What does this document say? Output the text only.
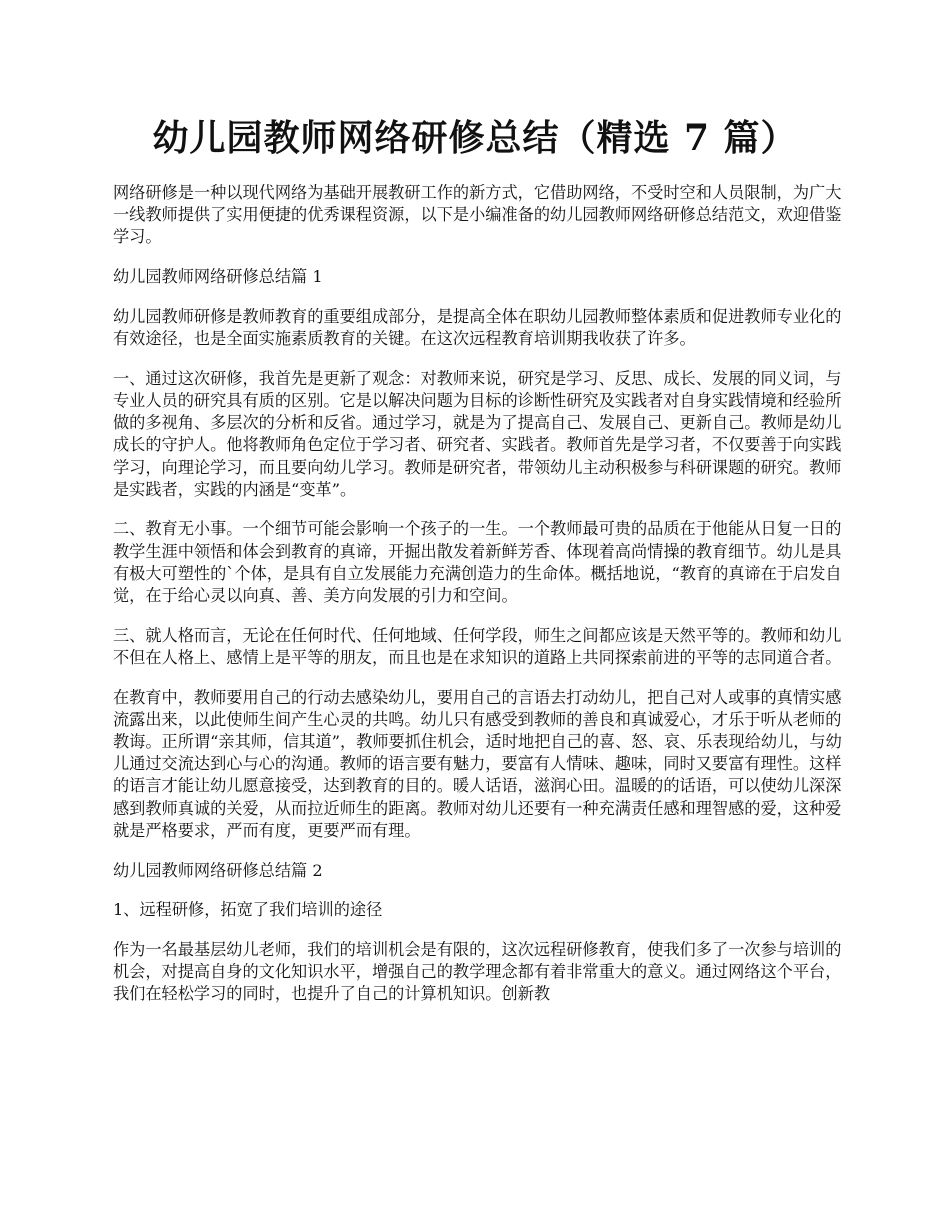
幼儿园教师网络研修总结（精选 7 篇）

网络研修是一种以现代网络为基础开展教研工作的新方式，它借助网络，不受时空和人员限制，为广大一线教师提供了实用便捷的优秀课程资源，以下是小编准备的幼儿园教师网络研修总结范文，欢迎借鉴学习。

幼儿园教师网络研修总结篇 1

幼儿园教师研修是教师教育的重要组成部分，是提高全体在职幼儿园教师整体素质和促进教师专业化的有效途径，也是全面实施素质教育的关键。在这次远程教育培训期我收获了许多。

一、通过这次研修，我首先是更新了观念：对教师来说，研究是学习、反思、成长、发展的同义词，与专业人员的研究具有质的区别。它是以解决问题为目标的诊断性研究及实践者对自身实践情境和经验所做的多视角、多层次的分析和反省。通过学习，就是为了提高自己、发展自己、更新自己。教师是幼儿成长的守护人。他将教师角色定位于学习者、研究者、实践者。教师首先是学习者，不仅要善于向实践学习，向理论学习，而且要向幼儿学习。教师是研究者，带领幼儿主动积极参与科研课题的研究。教师是实践者，实践的内涵是“变革”。

二、教育无小事。一个细节可能会影响一个孩子的一生。一个教师最可贵的品质在于他能从日复一日的教学生涯中领悟和体会到教育的真谛，开掘出散发着新鲜芳香、体现着高尚情操的教育细节。幼儿是具有极大可塑性的`个体，是具有自立发展能力充满创造力的生命体。概括地说，“教育的真谛在于启发自觉，在于给心灵以向真、善、美方向发展的引力和空间。

三、就人格而言，无论在任何时代、任何地域、任何学段，师生之间都应该是天然平等的。教师和幼儿不但在人格上、感情上是平等的朋友，而且也是在求知识的道路上共同探索前进的平等的志同道合者。

在教育中，教师要用自己的行动去感染幼儿，要用自己的言语去打动幼儿，把自己对人或事的真情实感流露出来，以此使师生间产生心灵的共鸣。幼儿只有感受到教师的善良和真诚爱心，才乐于听从老师的教诲。正所谓“亲其师，信其道”，教师要抓住机会，适时地把自己的喜、怒、哀、乐表现给幼儿，与幼儿通过交流达到心与心的沟通。教师的语言要有魅力，要富有人情味、趣味，同时又要富有理性。这样的语言才能让幼儿愿意接受，达到教育的目的。暖人话语，滋润心田。温暖的的话语，可以使幼儿深深感到教师真诚的关爱，从而拉近师生的距离。教师对幼儿还要有一种充满责任感和理智感的爱，这种爱就是严格要求，严而有度，更要严而有理。

幼儿园教师网络研修总结篇 2

1、远程研修，拓宽了我们培训的途径

作为一名最基层幼儿老师，我们的培训机会是有限的，这次远程研修教育，使我们多了一次参与培训的机会，对提高自身的文化知识水平，增强自己的教学理念都有着非常重大的意义。通过网络这个平台，我们在轻松学习的同时，也提升了自己的计算机知识。创新教
